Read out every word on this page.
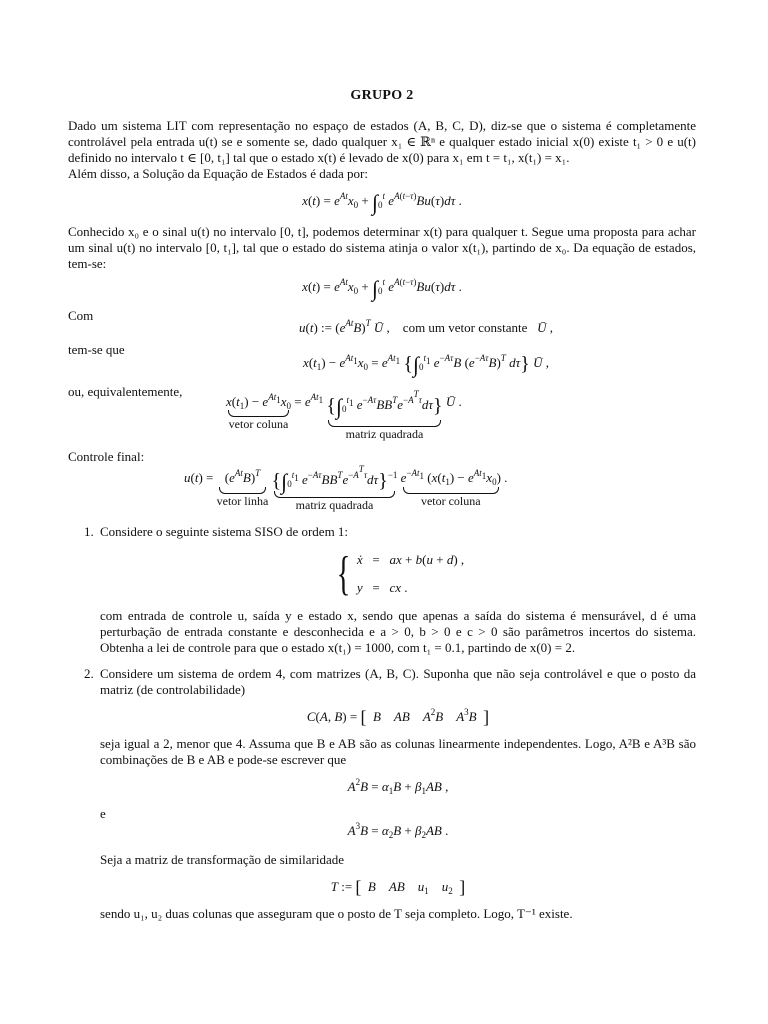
GRUPO 2

Dado um sistema LIT com representação no espaço de estados (A, B, C, D), diz-se que o sistema é completamente controlável pela entrada u(t) se e somente se, dado qualquer x₁ ∈ ℝⁿ e qualquer estado inicial x(0) existe t₁ > 0 e u(t) definido no intervalo t ∈ [0, t₁] tal que o estado x(t) é levado de x(0) para x₁ em t = t₁, x(t₁) = x₁.

Além disso, a Solução da Equação de Estados é dada por:

$x(t) = e^{At}x_0 + \int_0^t$ $e^{A(t-\tau)}Bu(\tau)d\tau$ .

Conhecido x₀ e o sinal u(t) no intervalo [0, t], podemos determinar x(t) para qualquer t. Segue uma proposta para achar um sinal u(t) no intervalo [0, t₁], tal que o estado do sistema atinja o valor x(t₁), partindo de x₀. Da equação de estados, tem-se:

$x(t) = e^{At}x_0 + \int_0^t$ $e^{A(t-\tau)}Bu(\tau)d\tau$ .
Com
u(t) := $(e^{At}B)^T$ Ū ,    com um vetor constante Ū ,
tem-se que
$x(t_1) - e^{At_1}x_0 = e^{At_1}$ {$\int_0^{t_1}$ $e^{-A\tau}B$ $(e^{-A\tau}B)^T$ dτ} Ū ,
ou, equivalentemente,
$x(t_1) - e^{At_1}x_0$
vetor coluna
= $e^{At_1}$ {$\int_0^{t_1}$ $e^{-A\tau}BB^Te^{-A^T\tau}d\tau$}
matriz quadrada
Ū .
Controle final:
$u(t) = (e^{At}B)^T$
vetor linha

{$\int_0^{t_1}$ $e^{-A\tau}BB^Te^{-A^T\tau}d\tau\}^{-1}$
matriz quadrada

$e^{-At_1}$ $(x(t_1) - e^{At_1}x_0)$
vetor coluna
.
1. Considere o seguinte sistema SISO de ordem 1:

{ ẋ   =   ax + b(u + d) ,
y   =   cx .

com entrada de controle u, saída y e estado x, sendo que apenas a saída do sistema é mensurável, d é uma perturbação de entrada constante e desconhecida e a > 0, b > 0 e c > 0 são parâmetros incertos do sistema. Obtenha a lei de controle para que o estado x(t₁) = 1000, com t₁ = 0.1, partindo de x(0) = 2.

2. Considere um sistema de ordem 4, com matrizes (A, B, C). Suponha que não seja controlável e que o posto da matriz (de controlabilidade)

C(A, B) = [ B AB $A^2B$ $A^3B$ ]

seja igual a 2, menor que 4. Assuma que B e AB são as colunas linearmente independentes. Logo, A²B e A³B são combinações de B e AB e pode-se escrever que

$A^2B = \alpha_1B + \beta_1AB$ ,

e

$A^3B = \alpha_2B + \beta_2AB$ .

Seja a matriz de transformação de similaridade

T := [ B AB $u_1$ $u_2$ ]

sendo u₁, u₂ duas colunas que asseguram que o posto de T seja completo. Logo, T⁻¹ existe.
